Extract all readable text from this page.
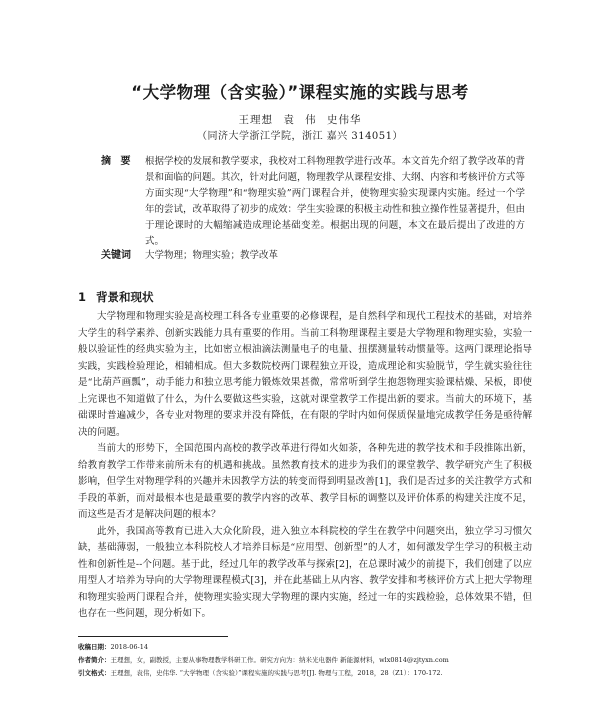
“大学物理（含实验）”课程实施的实践与思考
王理想 袁 伟 史伟华
（同济大学浙江学院，浙江 嘉兴 314051）
摘 要	根据学校的发展和教学要求，我校对工科物理教学进行改革。本文首先介绍了教学改革的背景和面临的问题。其次，针对此问题，物理教学从课程安排、大纲、内容和考核评价方式等方面实现“大学物理”和“物理实验”两门课程合并，使物理实验实现课内实施。经过一个学年的尝试，改革取得了初步的成效：学生实验课的积极主动性和独立操作性显著提升，但由于理论课时的大幅缩减造成理论基础变差。根据出现的问题，本文在最后提出了改进的方式。
关键词 大学物理；物理实验；教学改革
1 背景和现状

大学物理和物理实验是高校理工科各专业重要的必修课程，是自然科学和现代工程技术的基础，对培养大学生的科学素养、创新实践能力具有重要的作用。当前工科物理课程主要是大学物理和物理实验，实验一般以验证性的经典实验为主，比如密立根油滴法测量电子的电量、扭摆测量转动惯量等。这两门课理论指导实践，实践检验理论，相辅相成。但大多数院校两门课程独立开设，造成理论和实验脱节，学生就实验往往是“比葫芦画瓢”，动手能力和独立思考能力锻炼效果甚微，常常听到学生抱怨物理实验课枯燥、呆板，即使上完课也不知道做了什么，为什么要做这些实验，这就对课堂教学工作提出新的要求。当前大的环境下，基础课时普遍减少，各专业对物理的要求并没有降低，在有限的学时内如何保质保量地完成教学任务是亟待解决的问题。

当前大的形势下，全国范围内高校的教学改革进行得如火如荼，各种先进的教学技术和手段推陈出新，给教育教学工作带来前所未有的机遇和挑战。虽然教育技术的进步为我们的课堂教学、教学研究产生了积极影响，但学生对物理学科的兴趣并未因教学方法的转变而得到明显改善[1]，我们是否过多的关注教学方式和手段的革新，而对最根本也是最重要的教学内容的改革、教学目标的调整以及评价体系的构建关注度不足，而这些是否才是解决问题的根本？

此外，我国高等教育已进入大众化阶段，进入独立本科院校的学生在教学中问题突出，独立学习习惯欠缺，基础薄弱，一般独立本科院校人才培养目标是“应用型、创新型”的人才，如何激发学生学习的积极主动性和创新性是--个问题。基于此，经过几年的教学改革与探索[2]，在总课时减少的前提下，我们创建了以应用型人才培养为导向的大学物理课程模式[3]，并在此基础上从内容、教学安排和考核评价方式上把大学物理和物理实验两门课程合并，使物理实验实现大学物理的课内实施，经过一年的实践检验，总体效果不错，但也存在一些问题，现分析如下。

收稿日期：2018-06-14
作者简介：王理想，女，副教授，主要从事物理教学科研工作。研究方向为：纳米光电器件 新能源材料，wlx0814@zjtyxn.com
引文格式：王理想，袁伟，史伟华. “大学物理（含实验）”课程实施的实践与思考[J]. 物理与工程，2018，28（Z1）：170-172.
